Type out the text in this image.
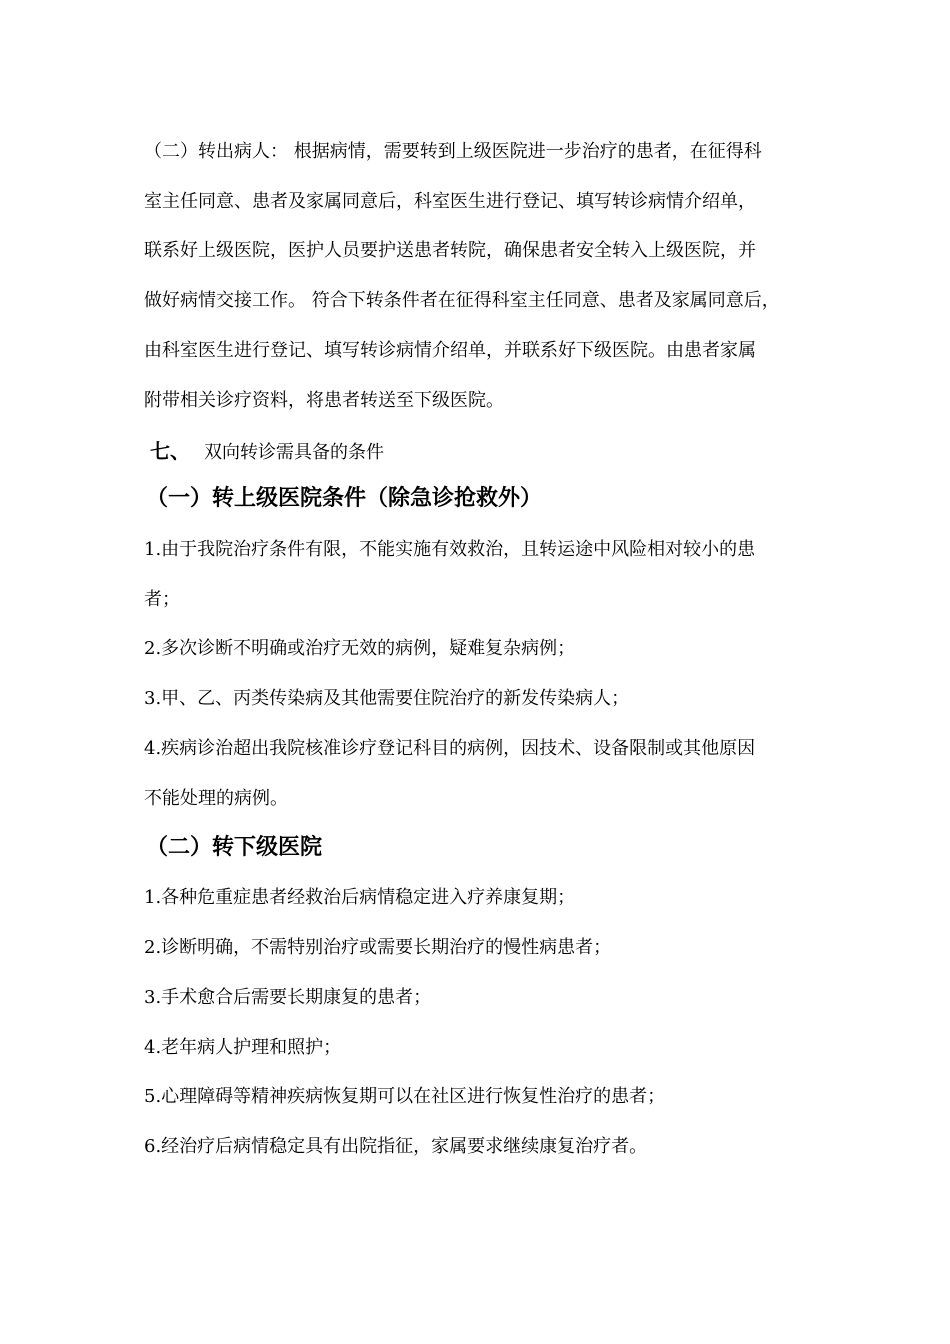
（二）转出病人： 根据病情，需要转到上级医院进一步治疗的患者，在征得科
室主任同意、患者及家属同意后，科室医生进行登记、填写转诊病情介绍单，
联系好上级医院，医护人员要护送患者转院，确保患者安全转入上级医院，并
做好病情交接工作。 符合下转条件者在征得科室主任同意、患者及家属同意后，
由科室医生进行登记、填写转诊病情介绍单，并联系好下级医院。由患者家属
附带相关诊疗资料，将患者转送至下级医院。
七、 双向转诊需具备的条件
（一）转上级医院条件（除急诊抢救外）
1.由于我院治疗条件有限，不能实施有效救治，且转运途中风险相对较小的患
者；
2.多次诊断不明确或治疗无效的病例，疑难复杂病例；
3.甲、乙、丙类传染病及其他需要住院治疗的新发传染病人；
4.疾病诊治超出我院核准诊疗登记科目的病例，因技术、设备限制或其他原因
不能处理的病例。
（二）转下级医院
1.各种危重症患者经救治后病情稳定进入疗养康复期；
2.诊断明确，不需特别治疗或需要长期治疗的慢性病患者；
3.手术愈合后需要长期康复的患者；
4.老年病人护理和照护；
5.心理障碍等精神疾病恢复期可以在社区进行恢复性治疗的患者；
6.经治疗后病情稳定具有出院指征，家属要求继续康复治疗者。
